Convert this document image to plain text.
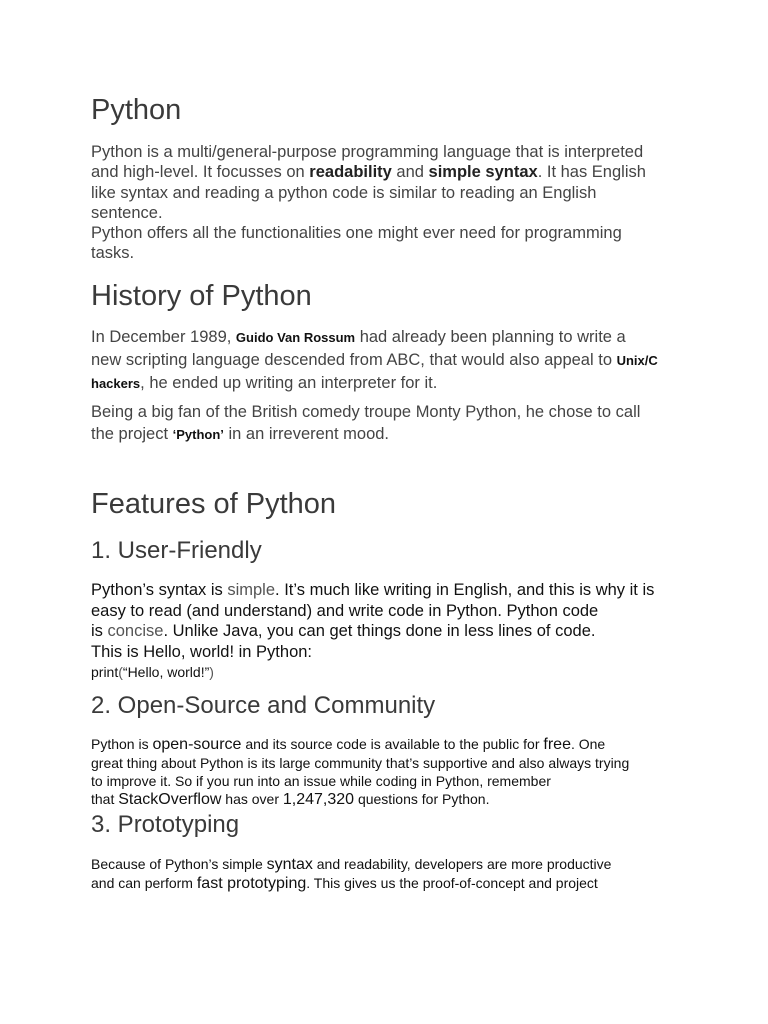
Python
Python is a multi/general-purpose programming language that is interpreted
and high-level. It focusses on readability and simple syntax. It has English
like syntax and reading a python code is similar to reading an English
sentence.
Python offers all the functionalities one might ever need for programming
tasks.
History of Python
In December 1989, Guido Van Rossum had already been planning to write a
new scripting language descended from ABC, that would also appeal to Unix/C
hackers, he ended up writing an interpreter for it.
Being a big fan of the British comedy troupe Monty Python, he chose to call
the project ‘Python’ in an irreverent mood.
Features of Python
1. User-Friendly
Python’s syntax is simple. It’s much like writing in English, and this is why it is
easy to read (and understand) and write code in Python. Python code
is concise. Unlike Java, you can get things done in less lines of code.
This is Hello, world! in Python:
print(“Hello, world!”)
2. Open-Source and Community
Python is open-source and its source code is available to the public for free. One
great thing about Python is its large community that’s supportive and also always trying
to improve it. So if you run into an issue while coding in Python, remember
that StackOverflow has over 1,247,320 questions for Python.
3. Prototyping
Because of Python’s simple syntax and readability, developers are more productive
and can perform fast prototyping. This gives us the proof-of-concept and project
